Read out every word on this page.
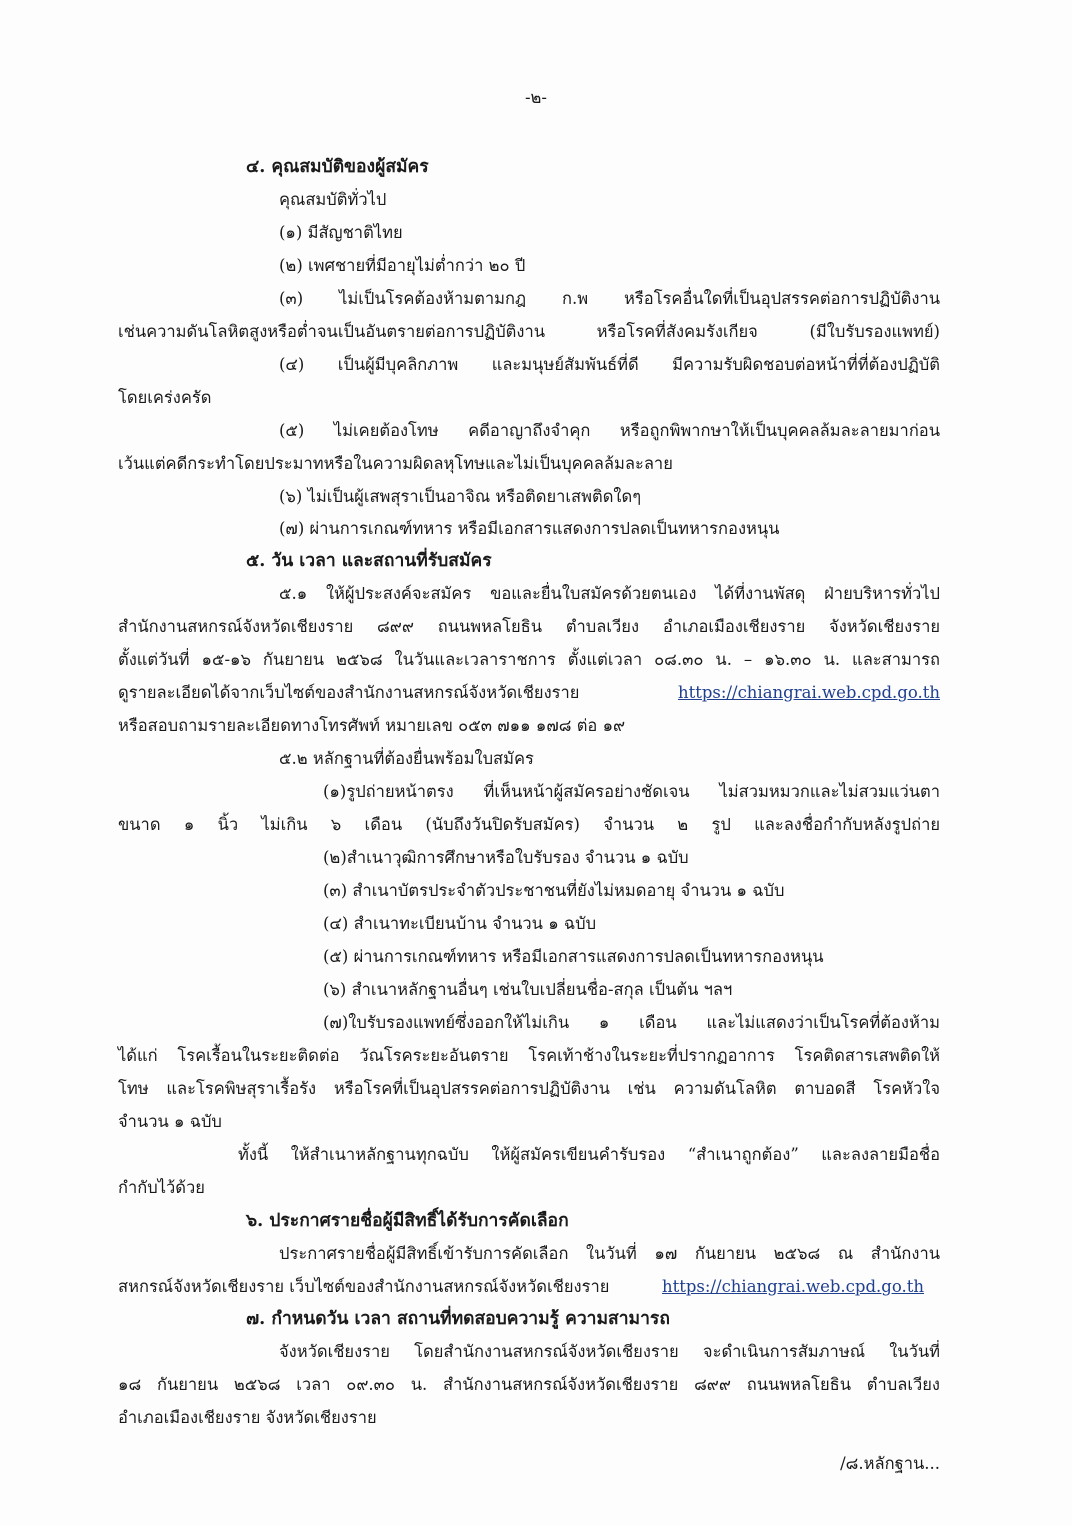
-๒-
๔. คุณสมบัติของผู้สมัคร
คุณสมบัติทั่วไป
(๑) มีสัญชาติไทย
(๒) เพศชายที่มีอายุไม่ต่ำกว่า ๒๐ ปี
(๓) ไม่เป็นโรคต้องห้ามตามกฎ ก.พ หรือโรคอื่นใดที่เป็นอุปสรรคต่อการปฏิบัติงาน
เช่นความดันโลหิตสูงหรือต่ำจนเป็นอันตรายต่อการปฏิบัติงาน หรือโรคที่สังคมรังเกียจ (มีใบรับรองแพทย์)
(๔) เป็นผู้มีบุคลิกภาพ และมนุษย์สัมพันธ์ที่ดี มีความรับผิดชอบต่อหน้าที่ที่ต้องปฏิบัติ
โดยเคร่งครัด
(๕) ไม่เคยต้องโทษ คดีอาญาถึงจำคุก หรือถูกพิพากษาให้เป็นบุคคลล้มละลายมาก่อน
เว้นแต่คดีกระทำโดยประมาทหรือในความผิดลหุโทษและไม่เป็นบุคคลล้มละลาย
(๖) ไม่เป็นผู้เสพสุราเป็นอาจิณ หรือติดยาเสพติดใดๆ
(๗) ผ่านการเกณฑ์ทหาร หรือมีเอกสารแสดงการปลดเป็นทหารกองหนุน
๕. วัน เวลา และสถานที่รับสมัคร
๕.๑ ให้ผู้ประสงค์จะสมัคร ขอและยื่นใบสมัครด้วยตนเอง ได้ที่งานพัสดุ ฝ่ายบริหารทั่วไป
สำนักงานสหกรณ์จังหวัดเชียงราย ๘๙๙ ถนนพหลโยธิน ตำบลเวียง อำเภอเมืองเชียงราย จังหวัดเชียงราย
ตั้งแต่วันที่ ๑๕-๑๖ กันยายน ๒๕๖๘ ในวันและเวลาราชการ ตั้งแต่เวลา ๐๘.๓๐ น. – ๑๖.๓๐ น. และสามารถ
ดูรายละเอียดได้จากเว็บไซต์ของสำนักงานสหกรณ์จังหวัดเชียงราย	https://chiangrai.web.cpd.go.th
หรือสอบถามรายละเอียดทางโทรศัพท์ หมายเลข ๐๕๓ ๗๑๑ ๑๗๘ ต่อ ๑๙
๕.๒ หลักฐานที่ต้องยื่นพร้อมใบสมัคร
(๑)รูปถ่ายหน้าตรง ที่เห็นหน้าผู้สมัครอย่างชัดเจน ไม่สวมหมวกและไม่สวมแว่นตา
ขนาด ๑ นิ้ว ไม่เกิน ๖ เดือน (นับถึงวันปิดรับสมัคร) จำนวน ๒ รูป และลงชื่อกำกับหลังรูปถ่าย
(๒)สำเนาวุฒิการศึกษาหรือใบรับรอง จำนวน ๑ ฉบับ
(๓) สำเนาบัตรประจำตัวประชาชนที่ยังไม่หมดอายุ จำนวน ๑ ฉบับ
(๔) สำเนาทะเบียนบ้าน จำนวน ๑ ฉบับ
(๕) ผ่านการเกณฑ์ทหาร หรือมีเอกสารแสดงการปลดเป็นทหารกองหนุน
(๖) สำเนาหลักฐานอื่นๆ เช่นใบเปลี่ยนชื่อ-สกุล เป็นต้น ฯลฯ
(๗)ใบรับรองแพทย์ซึ่งออกให้ไม่เกิน ๑ เดือน และไม่แสดงว่าเป็นโรคที่ต้องห้าม
ได้แก่ โรคเรื้อนในระยะติดต่อ วัณโรคระยะอันตราย โรคเท้าช้างในระยะที่ปรากฏอาการ โรคติดสารเสพติดให้
โทษ และโรคพิษสุราเรื้อรัง หรือโรคที่เป็นอุปสรรคต่อการปฏิบัติงาน เช่น ความดันโลหิต ตาบอดสี โรคหัวใจ
จำนวน ๑ ฉบับ
ทั้งนี้ ให้สำเนาหลักฐานทุกฉบับ ให้ผู้สมัครเขียนคำรับรอง “สำเนาถูกต้อง” และลงลายมือชื่อ
กำกับไว้ด้วย
๖. ประกาศรายชื่อผู้มีสิทธิ์ได้รับการคัดเลือก
ประกาศรายชื่อผู้มีสิทธิ์เข้ารับการคัดเลือก ในวันที่ ๑๗ กันยายน ๒๕๖๘ ณ สำนักงาน
สหกรณ์จังหวัดเชียงราย เว็บไซต์ของสำนักงานสหกรณ์จังหวัดเชียงราย	https://chiangrai.web.cpd.go.th
๗. กำหนดวัน เวลา สถานที่ทดสอบความรู้ ความสามารถ
จังหวัดเชียงราย โดยสำนักงานสหกรณ์จังหวัดเชียงราย จะดำเนินการสัมภาษณ์ ในวันที่
๑๘ กันยายน ๒๕๖๘ เวลา ๐๙.๓๐ น. สำนักงานสหกรณ์จังหวัดเชียงราย ๘๙๙ ถนนพหลโยธิน ตำบลเวียง
อำเภอเมืองเชียงราย จังหวัดเชียงราย
/๘.หลักฐาน...
